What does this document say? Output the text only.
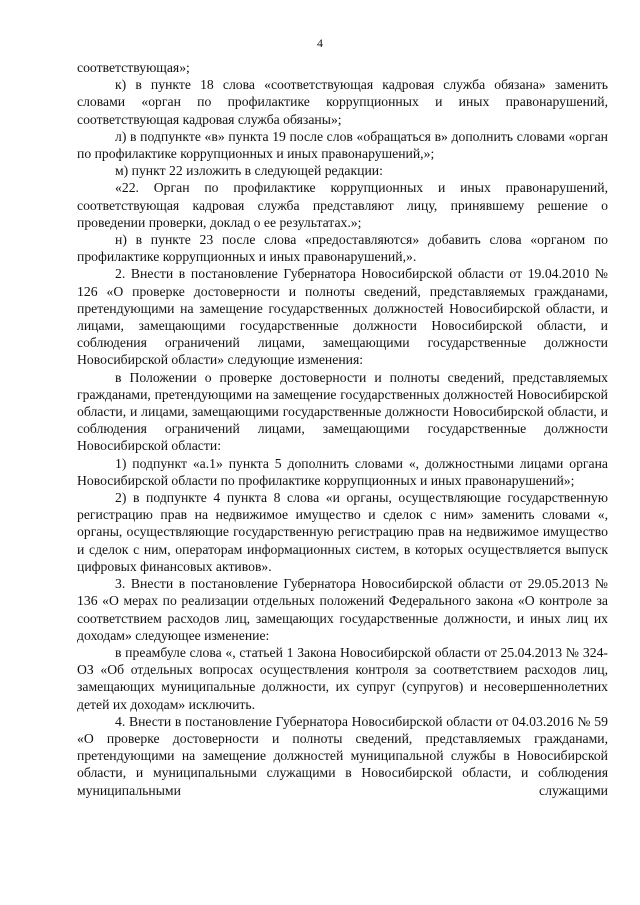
4

соответствующая»;

к) в пункте 18 слова «соответствующая кадровая служба обязана» заменить словами «орган по профилактике коррупционных и иных правонарушений, соответствующая кадровая служба обязаны»;

л) в подпункте «в» пункта 19 после слов «обращаться в» дополнить словами «орган по профилактике коррупционных и иных правонарушений,»;

м) пункт 22 изложить в следующей редакции:

«22. Орган по профилактике коррупционных и иных правонарушений, соответствующая кадровая служба представляют лицу, принявшему решение о проведении проверки, доклад о ее результатах.»;

н) в пункте 23 после слова «предоставляются» добавить слова «органом по профилактике коррупционных и иных правонарушений,».

2. Внести в постановление Губернатора Новосибирской области от 19.04.2010 № 126 «О проверке достоверности и полноты сведений, представляемых гражданами, претендующими на замещение государственных должностей Новосибирской области, и лицами, замещающими государственные должности Новосибирской области, и соблюдения ограничений лицами, замещающими государственные должности Новосибирской области» следующие изменения:

в Положении о проверке достоверности и полноты сведений, представляемых гражданами, претендующими на замещение государственных должностей Новосибирской области, и лицами, замещающими государственные должности Новосибирской области, и соблюдения ограничений лицами, замещающими государственные должности Новосибирской области:

1) подпункт «а.1» пункта 5 дополнить словами «, должностными лицами органа Новосибирской области по профилактике коррупционных и иных правонарушений»;

2) в подпункте 4 пункта 8 слова «и органы, осуществляющие государственную регистрацию прав на недвижимое имущество и сделок с ним» заменить словами «, органы, осуществляющие государственную регистрацию прав на недвижимое имущество и сделок с ним, операторам информационных систем, в которых осуществляется выпуск цифровых финансовых активов».

3. Внести в постановление Губернатора Новосибирской области от 29.05.2013 № 136 «О мерах по реализации отдельных положений Федерального закона «О контроле за соответствием расходов лиц, замещающих государственные должности, и иных лиц их доходам» следующее изменение:

в преамбуле слова «, статьей 1 Закона Новосибирской области от 25.04.2013 № 324-ОЗ «Об отдельных вопросах осуществления контроля за соответствием расходов лиц, замещающих муниципальные должности, их супруг (супругов) и несовершеннолетних детей их доходам» исключить.

4. Внести в постановление Губернатора Новосибирской области от 04.03.2016 № 59 «О проверке достоверности и полноты сведений, представляемых гражданами, претендующими на замещение должностей муниципальной службы в Новосибирской области, и муниципальными служащими в Новосибирской области, и соблюдения муниципальными служащими
